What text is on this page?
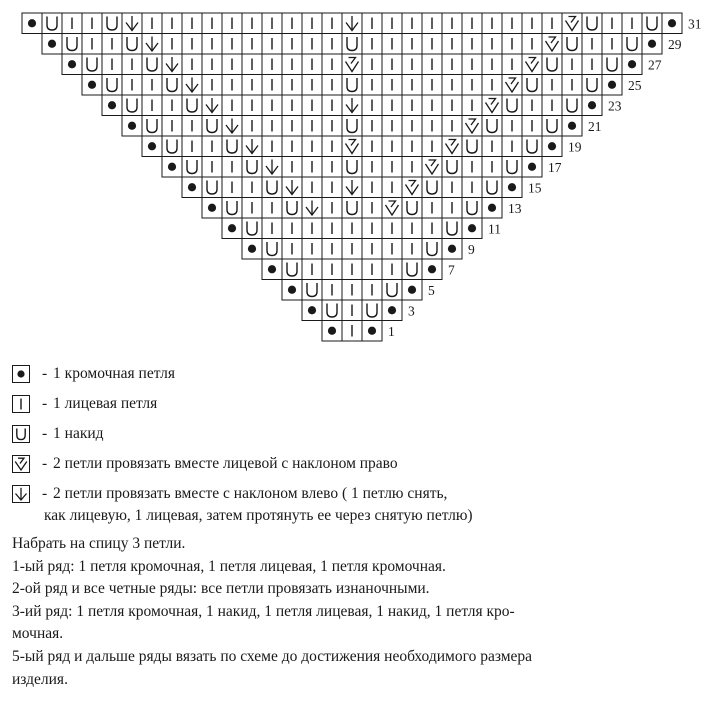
1
3
5
7
9
11
13
15
17
19
21
23
25
27
29
31
- 1 кромочная петля
- 1 лицевая петля
- 1 накид
- 2 петли провязать вместе лицевой с наклоном право
- 2 петли провязать вместе с наклоном влево ( 1 петлю снять,
как лицевую, 1 лицевая, затем протянуть ее через снятую петлю)
Набрать на спицу 3 петли.
1-ый ряд: 1 петля кромочная, 1 петля лицевая, 1 петля кромочная.
2-ой ряд и все четные ряды: все петли провязать изнаночными.
3-ий ряд: 1 петля кромочная, 1 накид, 1 петля лицевая, 1 накид, 1 петля кро-
мочная.
5-ый ряд и дальше ряды вязать по схеме до достижения необходимого размера
изделия.
